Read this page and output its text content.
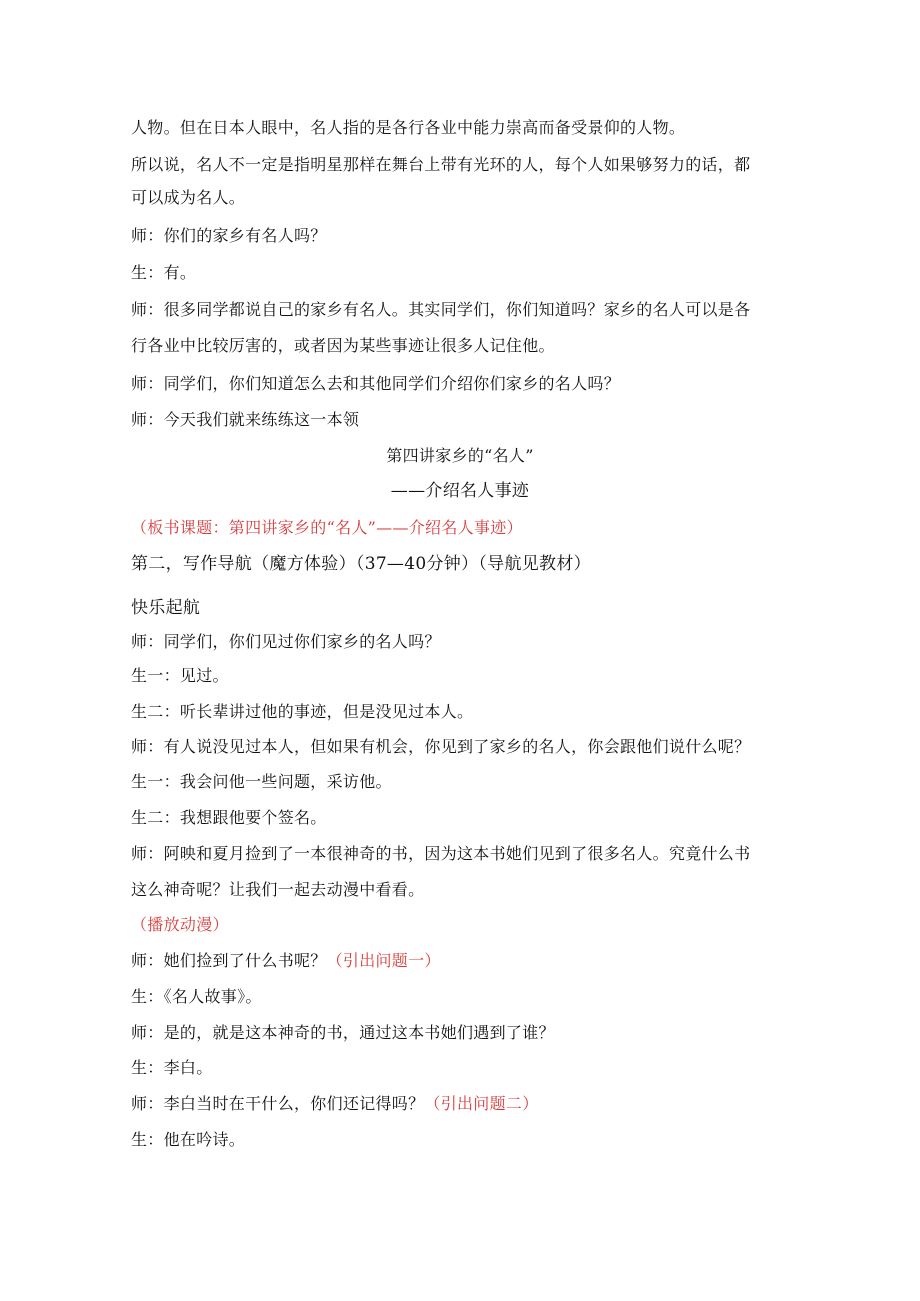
人物。但在日本人眼中，名人指的是各行各业中能力崇高而备受景仰的人物。
所以说，名人不一定是指明星那样在舞台上带有光环的人，每个人如果够努力的话，都
可以成为名人。
师：你们的家乡有名人吗？
生：有。
师：很多同学都说自己的家乡有名人。其实同学们，你们知道吗？家乡的名人可以是各
行各业中比较厉害的，或者因为某些事迹让很多人记住他。
师：同学们，你们知道怎么去和其他同学们介绍你们家乡的名人吗？
师：今天我们就来练练这一本领
第四讲家乡的“名人”
——介绍名人事迹
（板书课题：第四讲家乡的“名人”——介绍名人事迹）
第二，写作导航（魔方体验）（37—40分钟）（导航见教材）
快乐起航
师：同学们，你们见过你们家乡的名人吗？
生一：见过。
生二：听长辈讲过他的事迹，但是没见过本人。
师：有人说没见过本人，但如果有机会，你见到了家乡的名人，你会跟他们说什么呢？
生一：我会问他一些问题，采访他。
生二：我想跟他要个签名。
师：阿映和夏月捡到了一本很神奇的书，因为这本书她们见到了很多名人。究竟什么书
这么神奇呢？让我们一起去动漫中看看。
（播放动漫）
师：她们捡到了什么书呢？（引出问题一）
生：《名人故事》。
师：是的，就是这本神奇的书，通过这本书她们遇到了谁？
生：李白。
师：李白当时在干什么，你们还记得吗？（引出问题二）
生：他在吟诗。
